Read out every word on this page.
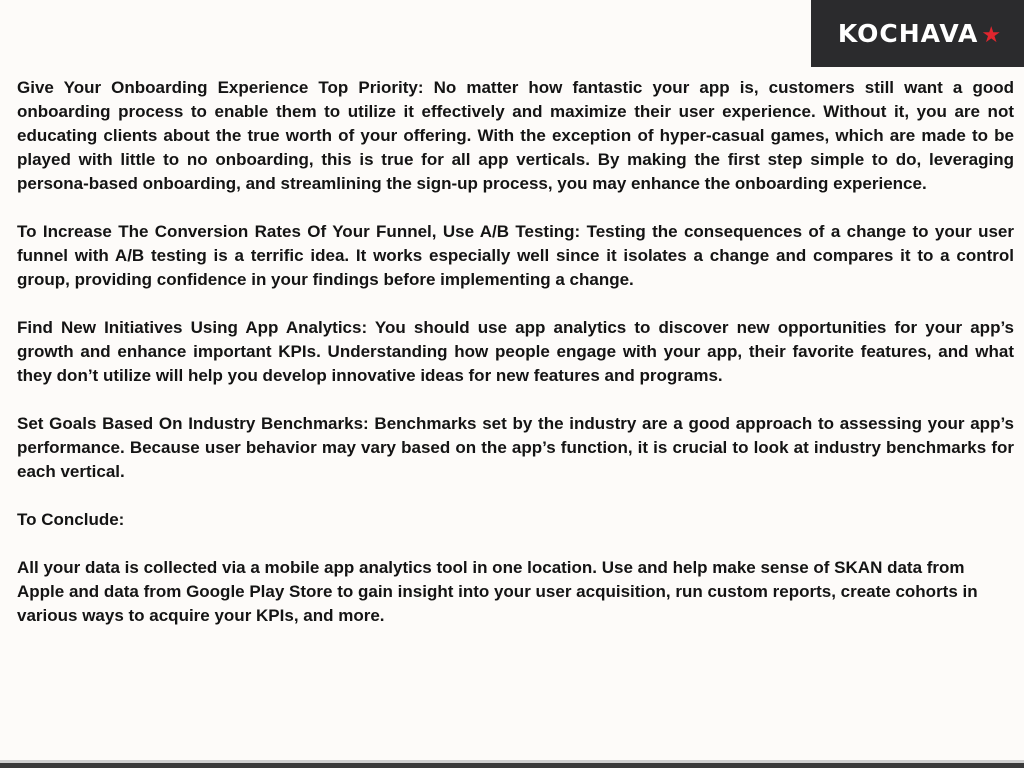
KOCHAVA ★

Give Your Onboarding Experience Top Priority: No matter how fantastic your app is, customers still want a good onboarding process to enable them to utilize it effectively and maximize their user experience. Without it, you are not educating clients about the true worth of your offering. With the exception of hyper-casual games, which are made to be played with little to no onboarding, this is true for all app verticals. By making the first step simple to do, leveraging persona-based onboarding, and streamlining the sign-up process, you may enhance the onboarding experience.

To Increase The Conversion Rates Of Your Funnel, Use A/B Testing: Testing the consequences of a change to your user funnel with A/B testing is a terrific idea. It works especially well since it isolates a change and compares it to a control group, providing confidence in your findings before implementing a change.

Find New Initiatives Using App Analytics: You should use app analytics to discover new opportunities for your app’s growth and enhance important KPIs. Understanding how people engage with your app, their favorite features, and what they don’t utilize will help you develop innovative ideas for new features and programs.

Set Goals Based On Industry Benchmarks: Benchmarks set by the industry are a good approach to assessing your app’s performance. Because user behavior may vary based on the app’s function, it is crucial to look at industry benchmarks for each vertical.

To Conclude:

All your data is collected via a mobile app analytics tool in one location. Use and help make sense of SKAN data from Apple and data from Google Play Store to gain insight into your user acquisition, run custom reports, create cohorts in various ways to acquire your KPIs, and more.
